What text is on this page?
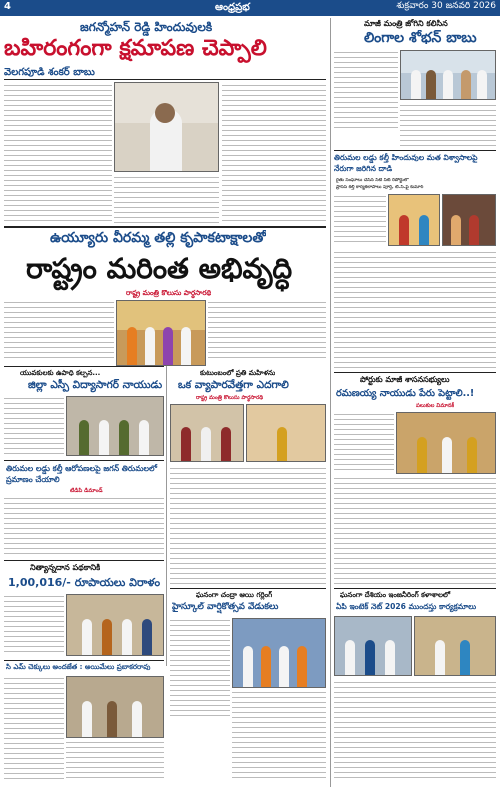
4	ఆంధ్రప్రభ	శుక్రవారం 30 జనవరి 2026
జగన్మోహన్ రెడ్డి హిందువులకి
బహిరంగంగా క్షమాపణ చెప్పాలి
వెలగపూడి శంకర్ బాబు
మాజీ మంత్రి జోగిని కలిసిన
లింగాల శోభన్ బాబు
తిరుమల లడ్డు కల్తీ హిందువుల మత విశ్వాసాలపై నేరుగా జరిగిన దాడి
రైతు సంఘాలు చేసిన సిటి సిట్ రిపోర్టులో
ప్రాసెస్ కల్తీ కార్యకలాపాలు పూర్తి, టి.సి.ఫై కుమార్
ఉయ్యూరు వీరమ్మ తల్లి కృపాకటాక్షాలతో
రాష్ట్రం మరింత అభివృద్ధి
రాష్ట్ర మంత్రి కొలుసు పార్థసారథి
పోర్టుకు మాజీ శాసనసభ్యులు
రమణయ్య నాయుడు పేరు పెట్టాలి..!
పలుకుల విమానక్
యువకులకు ఉపాధి కల్పన...
జిల్లా ఎస్పీ విద్యాసాగర్ నాయుడు
కుటుంబంలో ప్రతి మహిళను
ఒక వ్యాపారవేత్తగా ఎదగాలి
రాష్ట్ర మంత్రి కొలుసు పార్థసారథి
తిరుమల లడ్డు కల్తీ ఆరోపణలపై జగన్ తిరుమలలో ప్రమాణం చేయాలి
టిడిపి డిమాండ్
నిత్యాన్నదాన పథకానికి
1,00,016/- రూపాయలు విరాళం
ఘనంగా చంద్రా ఆయి గర్లింగ్
హైస్కూల్ వార్షికోత్సవ వేడుకలు
ఘనంగా దేశియం ఇంజనీరింగ్ కళాశాలలో
ఏపి ఇంటెక్ నెట్ 2026 ముందస్తు కార్యక్రమాలు
సి ఎమ్ చెక్కులు అందజేత : అయిమేలు ప్రబాకరరావు
